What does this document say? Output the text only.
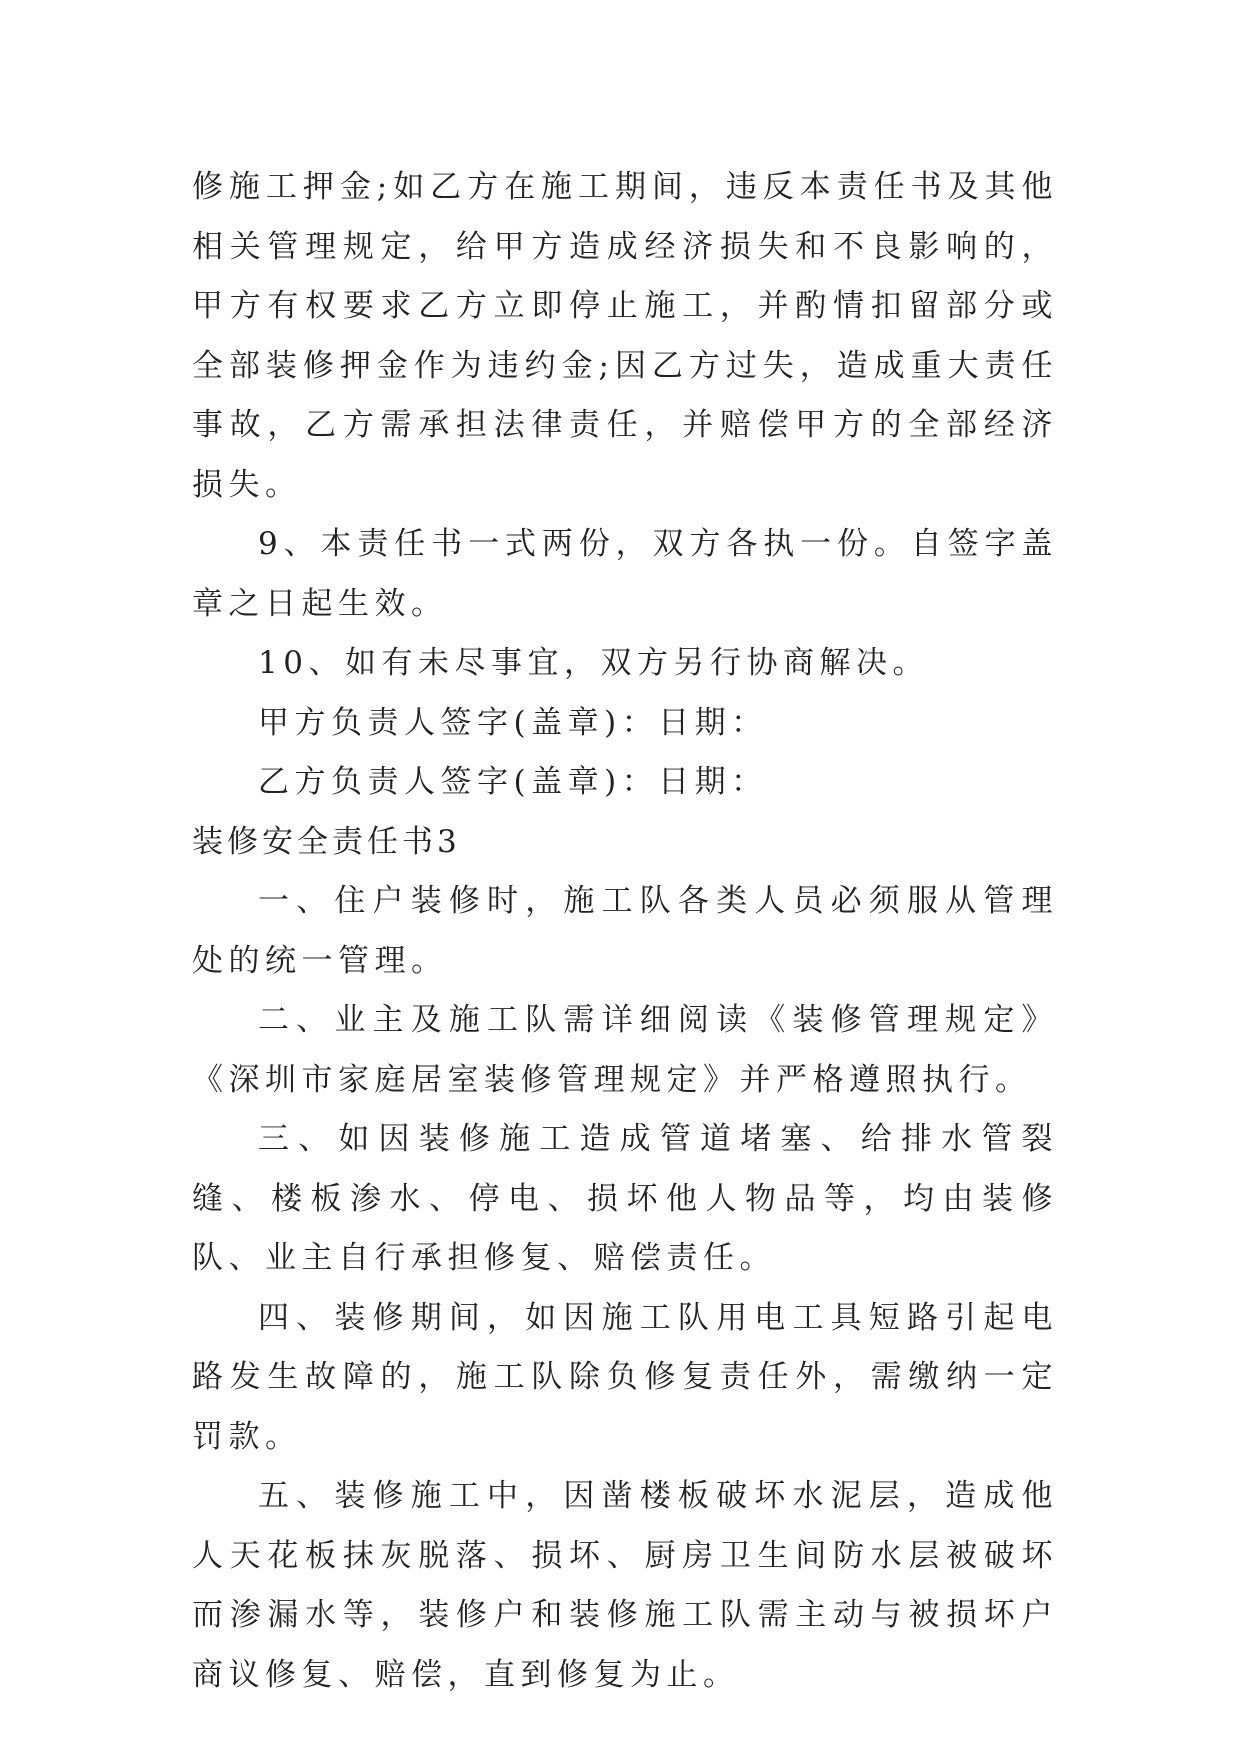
修施工押金;如乙方在施工期间，违反本责任书及其他相关管理规定，给甲方造成经济损失和不良影响的，甲方有权要求乙方立即停止施工，并酌情扣留部分或全部装修押金作为违约金;因乙方过失，造成重大责任事故，乙方需承担法律责任，并赔偿甲方的全部经济损失。

9、本责任书一式两份，双方各执一份。自签字盖章之日起生效。

10、如有未尽事宜，双方另行协商解决。

甲方负责人签字(盖章)：日期：

乙方负责人签字(盖章)：日期：

装修安全责任书3

一、住户装修时，施工队各类人员必须服从管理处的统一管理。

二、业主及施工队需详细阅读《装修管理规定》《深圳市家庭居室装修管理规定》并严格遵照执行。

三、如因装修施工造成管道堵塞、给排水管裂缝、楼板渗水、停电、损坏他人物品等，均由装修队、业主自行承担修复、赔偿责任。

四、装修期间，如因施工队用电工具短路引起电路发生故障的，施工队除负修复责任外，需缴纳一定罚款。

五、装修施工中，因凿楼板破坏水泥层，造成他人天花板抹灰脱落、损坏、厨房卫生间防水层被破坏而渗漏水等，装修户和装修施工队需主动与被损坏户商议修复、赔偿，直到修复为止。
